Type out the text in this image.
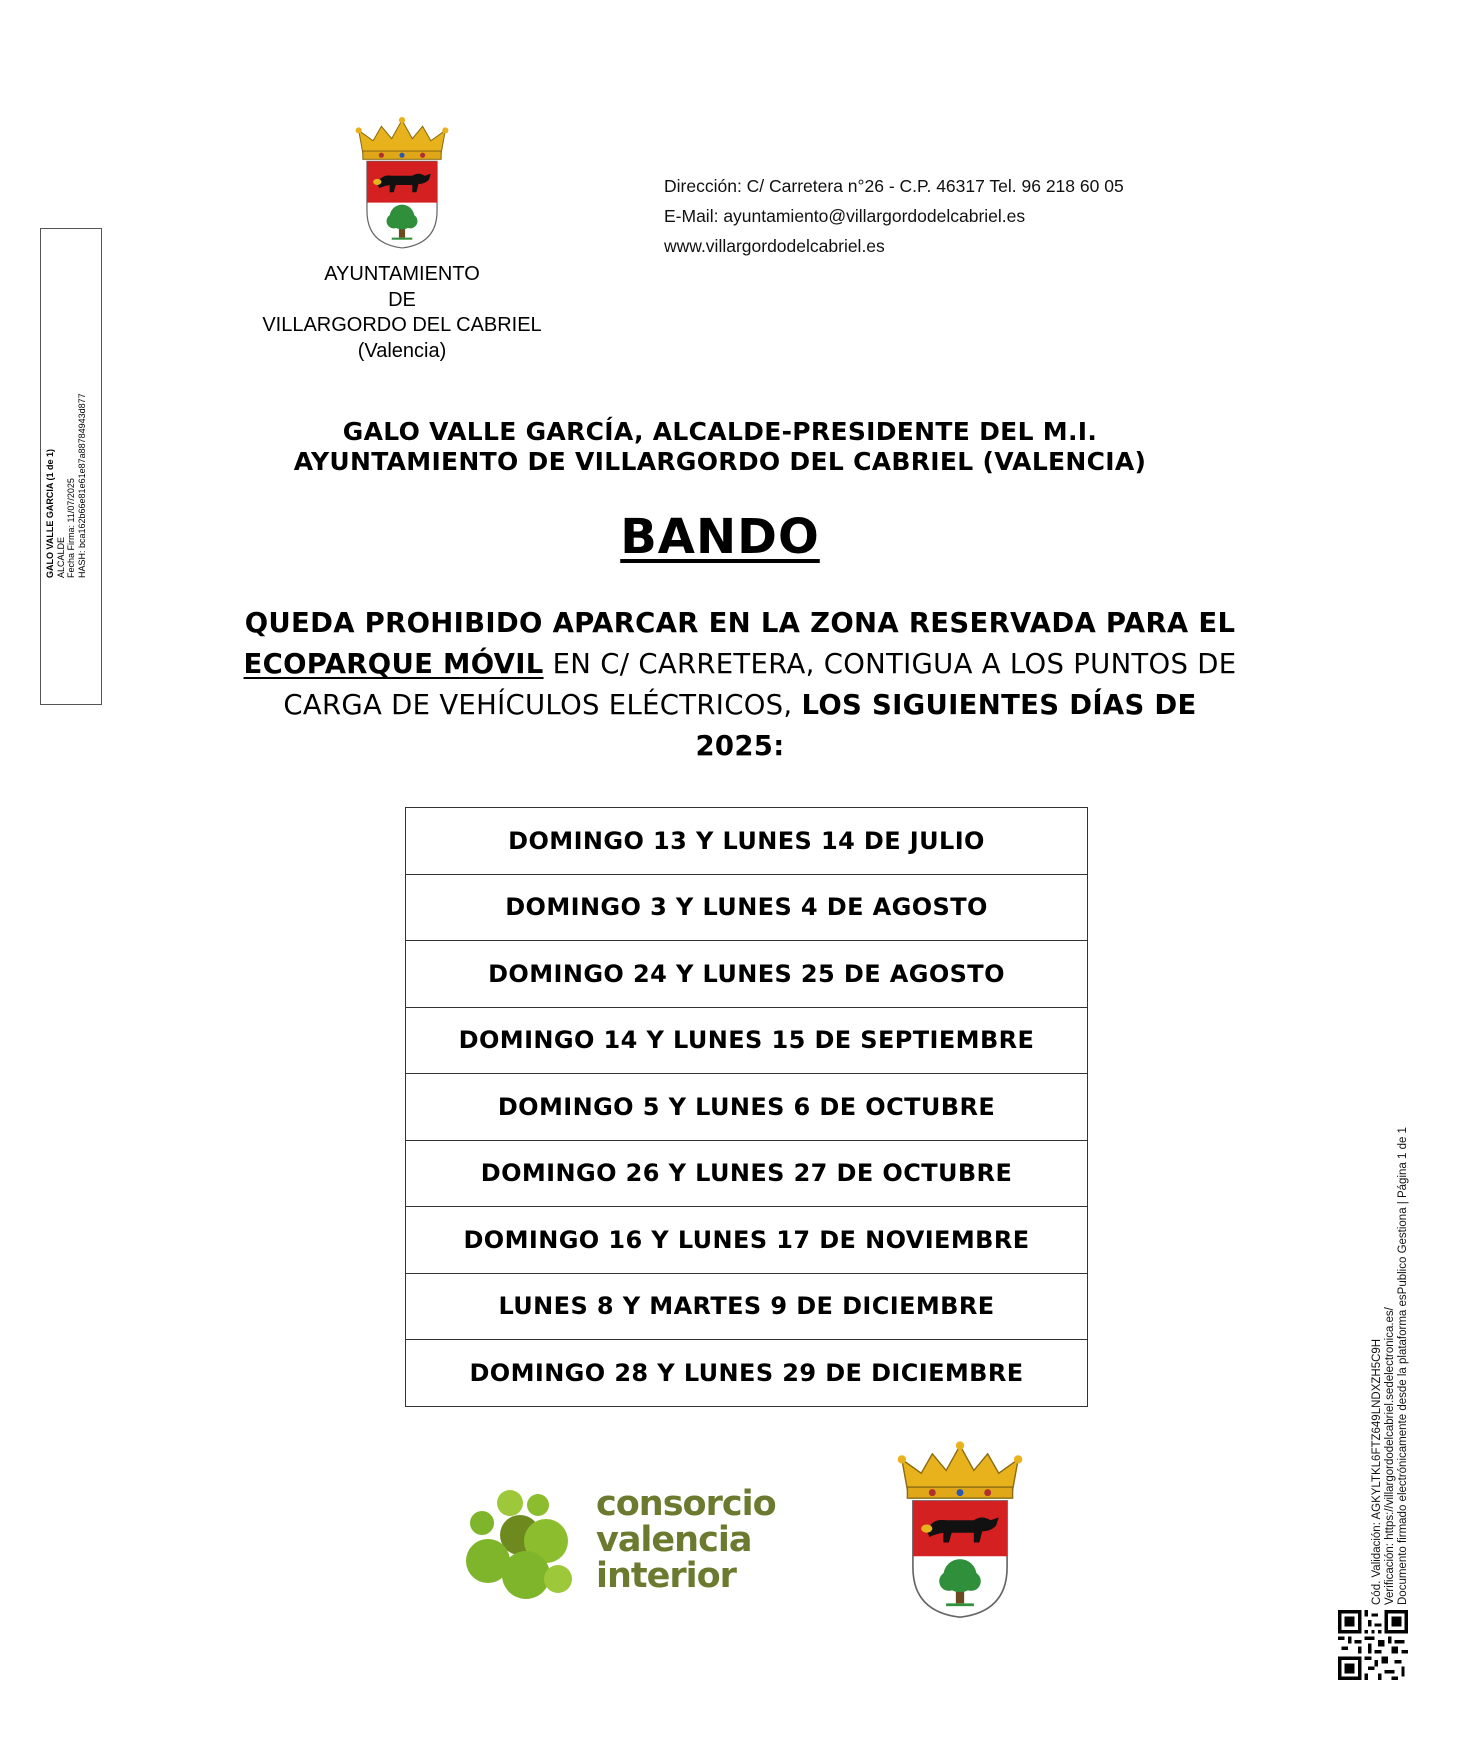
AYUNTAMIENTO
DE
VILLARGORDO DEL CABRIEL
(Valencia)
Dirección: C/ Carretera n°26 - C.P. 46317 Tel. 96 218 60 05
E-Mail: ayuntamiento@villargordodelcabriel.es
www.villargordodelcabriel.es
GALO VALLE GARCIA (1 de 1) ALCALDE Fecha Firma: 11/07/2025 HASH: bca162b66e81e61e87a88784943d877	GALO VALLE GARCÍA, ALCALDE-PRESIDENTE DEL M.I.
AYUNTAMIENTO DE VILLARGORDO DEL CABRIEL (VALENCIA)
BANDO
QUEDA PROHIBIDO APARCAR EN LA ZONA RESERVADA PARA EL ECOPARQUE MÓVIL EN C/ CARRETERA, CONTIGUA A LOS PUNTOS DE CARGA DE VEHÍCULOS ELÉCTRICOS, LOS SIGUIENTES DÍAS DE 2025:
DOMINGO 13 Y LUNES 14 DE JULIO
DOMINGO 3 Y LUNES 4 DE AGOSTO
DOMINGO 24 Y LUNES 25 DE AGOSTO
DOMINGO 14 Y LUNES 15 DE SEPTIEMBRE
DOMINGO 5 Y LUNES 6 DE OCTUBRE
DOMINGO 26 Y LUNES 27 DE OCTUBRE
DOMINGO 16 Y LUNES 17 DE NOVIEMBRE
LUNES 8 Y MARTES 9 DE DICIEMBRE
DOMINGO 28 Y LUNES 29 DE DICIEMBRE
consorcio
valencia
interior	Cód. Validación: AGKYLTKL6FTZ649LNDXZH5C9H Verificación: https://villargordodelcabriel.sedelectronica.es/ Documento firmado electrónicamente desde la plataforma esPublico Gestiona | Página 1 de 1
